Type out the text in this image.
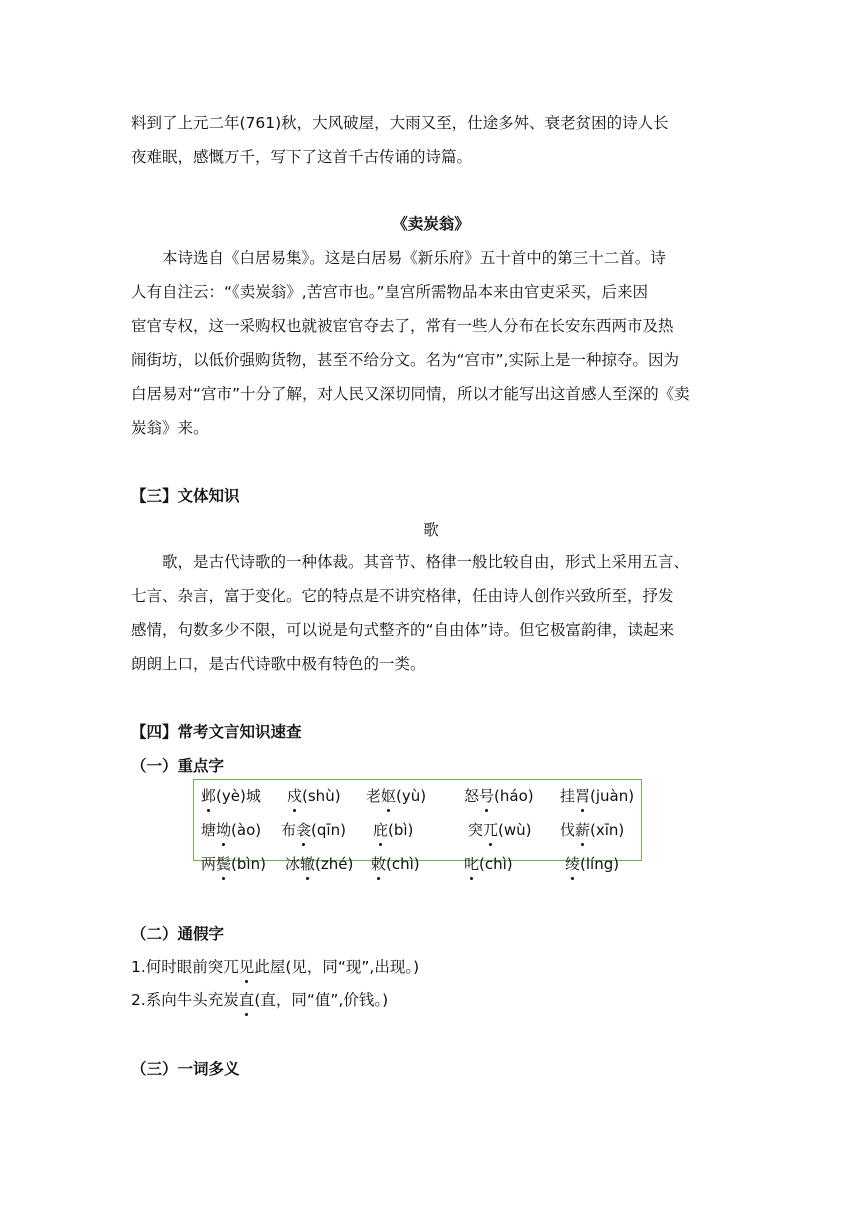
料到了上元二年(761)秋，大风破屋，大雨又至，仕途多舛、衰老贫困的诗人长
夜难眠，感慨万千，写下了这首千古传诵的诗篇。
《卖炭翁》
本诗选自《白居易集》。这是白居易《新乐府》五十首中的第三十二首。诗
人有自注云：“《卖炭翁》,苦宫市也。”皇宫所需物品本来由官吏采买，后来因
宦官专权，这一采购权也就被宦官夺去了，常有一些人分布在长安东西两市及热
闹街坊，以低价强购货物，甚至不给分文。名为“宫市”,实际上是一种掠夺。因为
白居易对“宫市”十分了解，对人民又深切同情，所以才能写出这首感人至深的《卖
炭翁》来。
【三】文体知识
歌
歌，是古代诗歌的一种体裁。其音节、格律一般比较自由，形式上采用五言、
七言、杂言，富于变化。它的特点是不讲究格律，任由诗人创作兴致所至，抒发
感情，句数多少不限，可以说是句式整齐的“自由体”诗。但它极富韵律，读起来
朗朗上口，是古代诗歌中极有特色的一类。
【四】常考文言知识速查
（一）重点字
邺(yè)城 戍(shù) 老妪(yù)	怒号(háo) 挂罥(juàn)
塘坳(ào) 布衾(qīn) 庇(bì)	突兀(wù) 伐薪(xīn)
两鬓(bìn) 冰辙(zhé) 敕(chì)	叱(chì)	绫(líng)
（二）通假字
1.何时眼前突兀见此屋(见，同“现”,出现。)
2.系向牛头充炭直(直，同“值”,价钱。)
（三）一词多义
